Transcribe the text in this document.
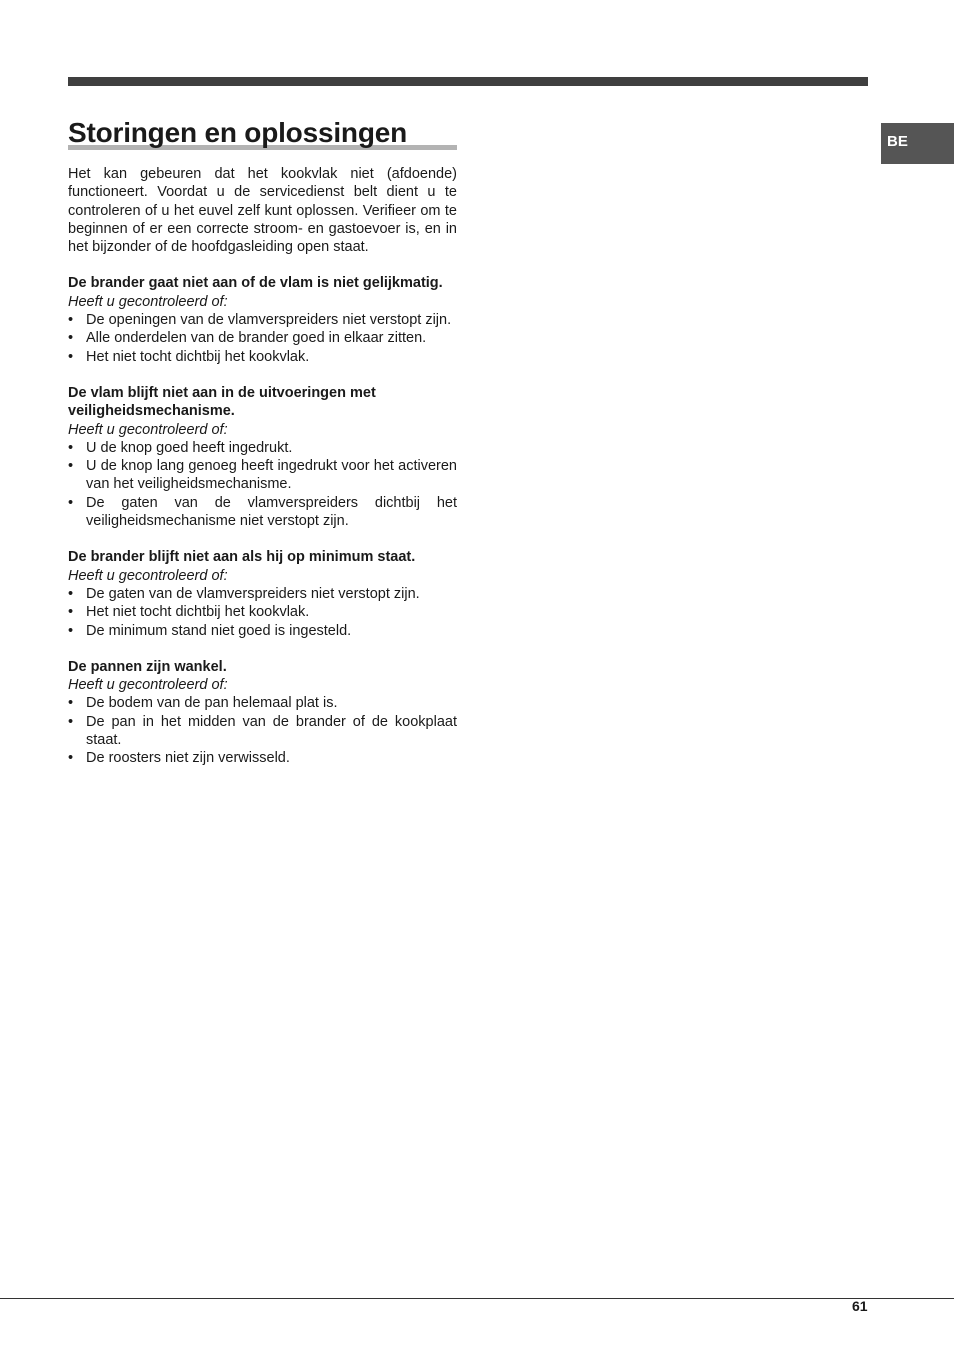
Storingen en oplossingen	BE

Het kan gebeuren dat het kookvlak niet (afdoende) functioneert. Voordat u de servicedienst belt dient u te controleren of u het euvel zelf kunt oplossen. Verifieer om te beginnen of er een correcte stroom- en gastoevoer is, en in het bijzonder of de hoofdgasleiding open staat.

De brander gaat niet aan of de vlam is niet gelijkmatig.

Heeft u gecontroleerd of:

• De openingen van de vlamverspreiders niet verstopt zijn.
• Alle onderdelen van de brander goed in elkaar zitten.
• Het niet tocht dichtbij het kookvlak.

De vlam blijft niet aan in de uitvoeringen met veiligheidsmechanisme.

Heeft u gecontroleerd of:

• U de knop goed heeft ingedrukt.
• U de knop lang genoeg heeft ingedrukt voor het activeren van het veiligheidsmechanisme.
• De gaten van de vlamverspreiders dichtbij het veiligheidsmechanisme niet verstopt zijn.

De brander blijft niet aan als hij op minimum staat.

Heeft u gecontroleerd of:

• De gaten van de vlamverspreiders niet verstopt zijn.
• Het niet tocht dichtbij het kookvlak.
• De minimum stand niet goed is ingesteld.

De pannen zijn wankel.

Heeft u gecontroleerd of:

• De bodem van de pan helemaal plat is.
• De pan in het midden van de brander of de kookplaat staat.
• De roosters niet zijn verwisseld.
61
